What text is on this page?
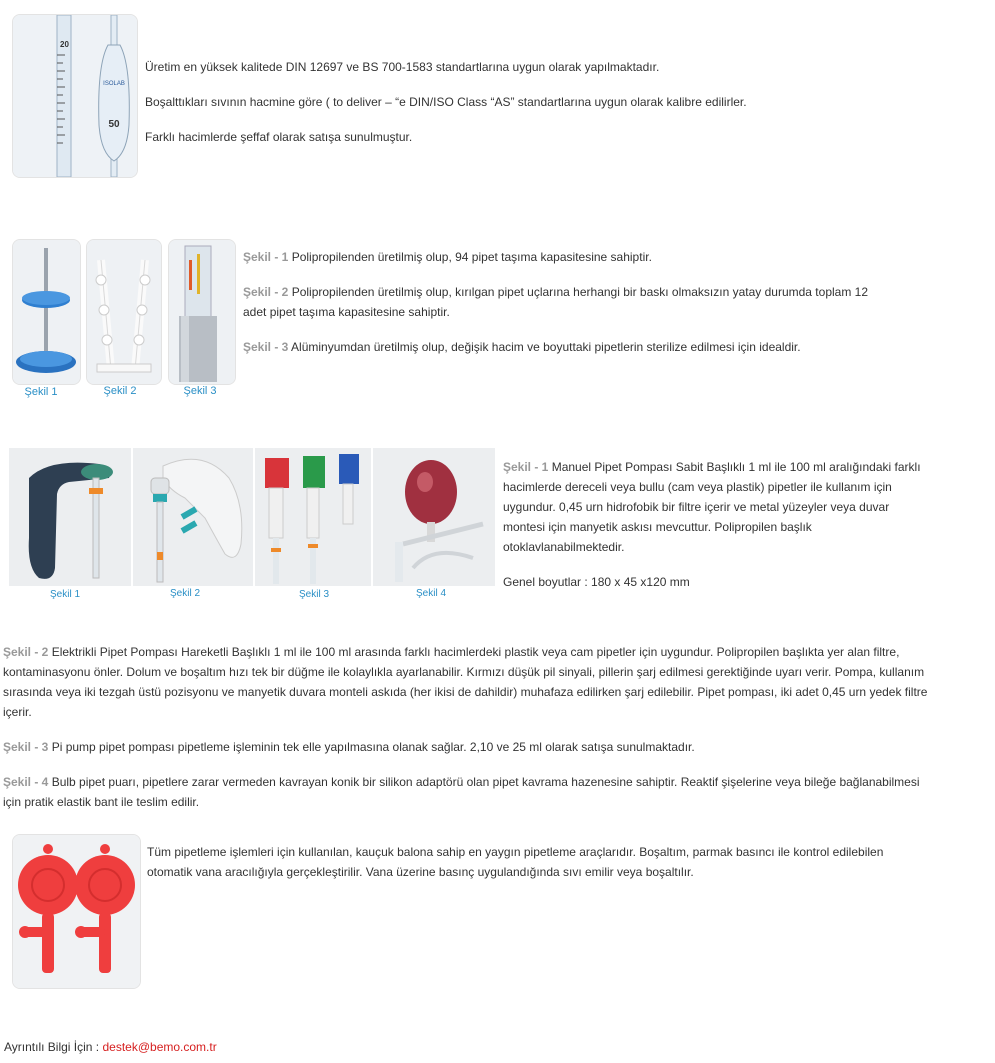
20
50
ISOLAB

Üretim en yüksek kalitede DIN 12697 ve BS 700-1583 standartlarına uygun olarak yapılmaktadır.

Boşalttıkları sıvının hacmine göre ( to deliver – “e DIN/ISO Class “AS” standartlarına uygun olarak kalibre edilirler.

Farklı hacimlerde şeffaf olarak satışa sunulmuştur.

Şekil 1	Şekil 2	Şekil 3

Şekil - 1 Polipropilenden üretilmiş olup, 94 pipet taşıma kapasitesine sahiptir.

Şekil - 2 Polipropilenden üretilmiş olup, kırılgan pipet uçlarına herhangi bir baskı olmaksızın yatay durumda toplam 12 adet pipet taşıma kapasitesine sahiptir.

Şekil - 3 Alüminyumdan üretilmiş olup, değişik hacim ve boyuttaki pipetlerin sterilize edilmesi için idealdir.

Şekil 1	Şekil 2	Şekil 3	Şekil 4

Şekil - 1 Manuel Pipet Pompası Sabit Başlıklı 1 ml ile 100 ml aralığındaki farklı hacimlerde dereceli veya bullu (cam veya plastik) pipetler ile kullanım için uygundur. 0,45 urn hidrofobik bir filtre içerir ve metal yüzeyler veya duvar montesi için manyetik askısı mevcuttur. Polipropilen başlık otoklavlanabilmektedir.

Genel boyutlar : 180 x 45 x120 mm

Şekil - 2 Elektrikli Pipet Pompası Hareketli Başlıklı 1 ml ile 100 ml arasında farklı hacimlerdeki plastik veya cam pipetler için uygundur. Polipropilen başlıkta yer alan filtre, kontaminasyonu önler. Dolum ve boşaltım hızı tek bir düğme ile kolaylıkla ayarlanabilir. Kırmızı düşük pil sinyali, pillerin şarj edilmesi gerektiğinde uyarı verir. Pompa, kullanım sırasında veya iki tezgah üstü pozisyonu ve manyetik duvara monteli askıda (her ikisi de dahildir) muhafaza edilirken şarj edilebilir. Pipet pompası, iki adet 0,45 urn yedek filtre içerir.

Şekil - 3 Pi pump pipet pompası pipetleme işleminin tek elle yapılmasına olanak sağlar. 2,10 ve 25 ml olarak satışa sunulmaktadır.

Şekil - 4 Bulb pipet puarı, pipetlere zarar vermeden kavrayan konik bir silikon adaptörü olan pipet kavrama hazenesine sahiptir. Reaktif şişelerine veya bileğe bağlanabilmesi için pratik elastik bant ile teslim edilir.

Tüm pipetleme işlemleri için kullanılan, kauçuk balona sahip en yaygın pipetleme araçlarıdır. Boşaltım, parmak basıncı ile kontrol edilebilen otomatik vana aracılığıyla gerçekleştirilir. Vana üzerine basınç uygulandığında sıvı emilir veya boşaltılır.

Ayrıntılı Bilgi İçin : destek@bemo.com.tr
